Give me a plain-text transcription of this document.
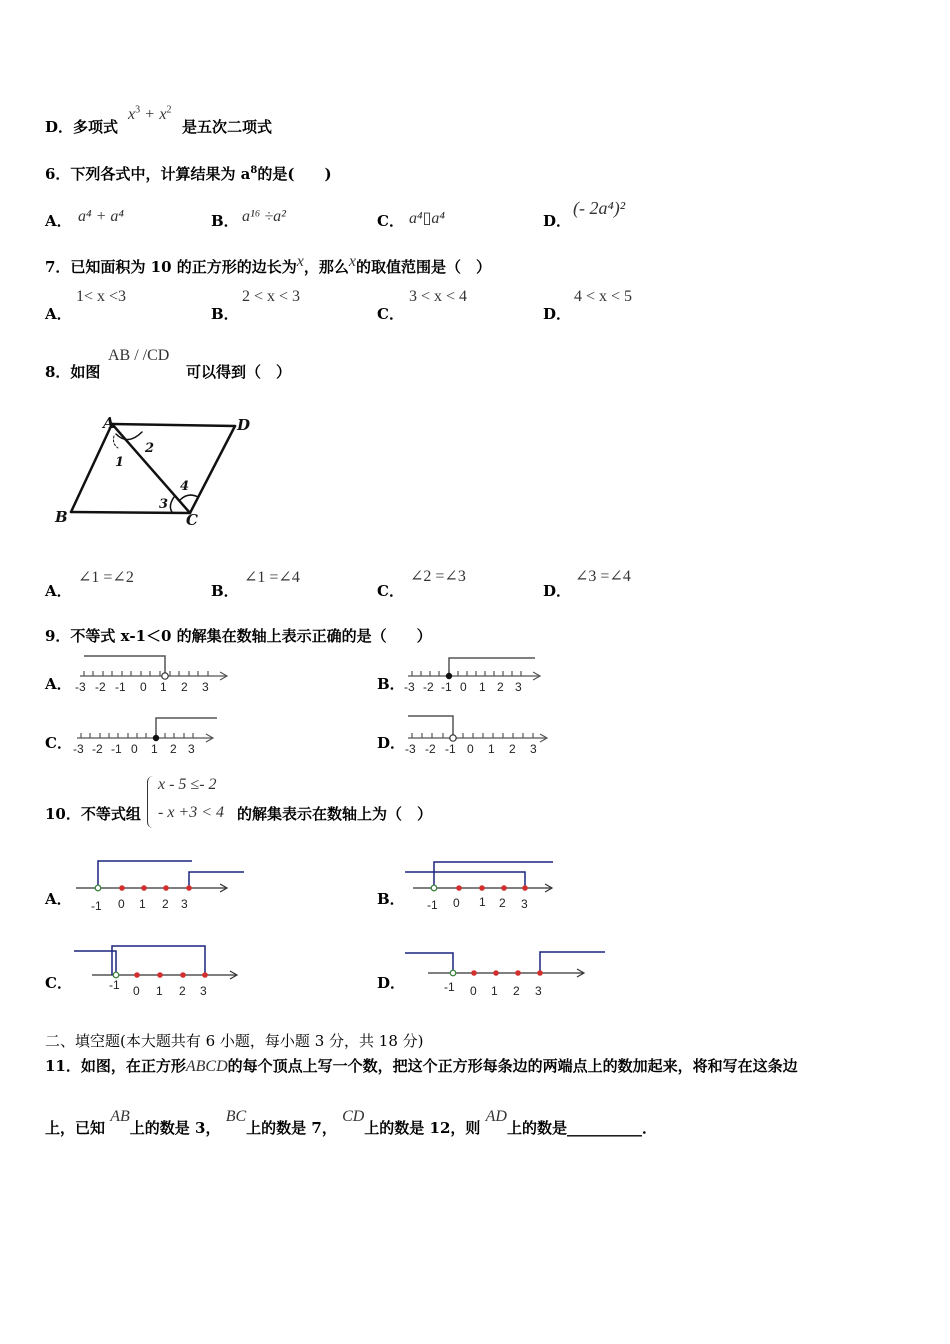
D．多项式
$x^3 + x^2$
是五次二项式
6．下列各式中，计算结果为 $a^8$的是(　　)
A． a⁴ + a⁴	B． a¹⁶ ÷a²	C． a⁴▯a⁴	D．
(- 2a⁴)²
7．已知面积为 10 的正方形的边长为x，那么x的取值范围是（　）
A．
1< x <3
B．
2 < x < 3
C．
3 < x < 4
D．
4 < x < 5
8．如图
AB / /CD
可以得到（　）
A	D
B	C
1
2
3
4
A．
∠1 =∠2
B．
∠1 =∠4
C．
∠2 =∠3
D．
∠3 =∠4
9．不等式 x-1＜0 的解集在数轴上表示正确的是（　　）
A． -3 -2 -1 0 1 2 3	B． -3 -2 -1 0 1 2 3
C． -3 -2 -1 0 1 2 3	D． -3 -2 -1 0 1 2 3
10．不等式组
x - 5 ≤- 2
- x +3 < 4 的解集表示在数轴上为（　）
A． -1 0 1 2 3	B． -1 0 1 2 3
C．	-1 0 1 2 3	D．	-1 0 1 2 3
二、填空题(本大题共有 6 小题，每小题 3 分，共 18 分)
11．如图，在正方形ABCD的每个顶点上写一个数，把这个正方形每条边的两端点上的数加起来，将和写在这条边
上，已知 AB上的数是 3， BC上的数是 7， CD上的数是 12，则 AD上的数是__________．
